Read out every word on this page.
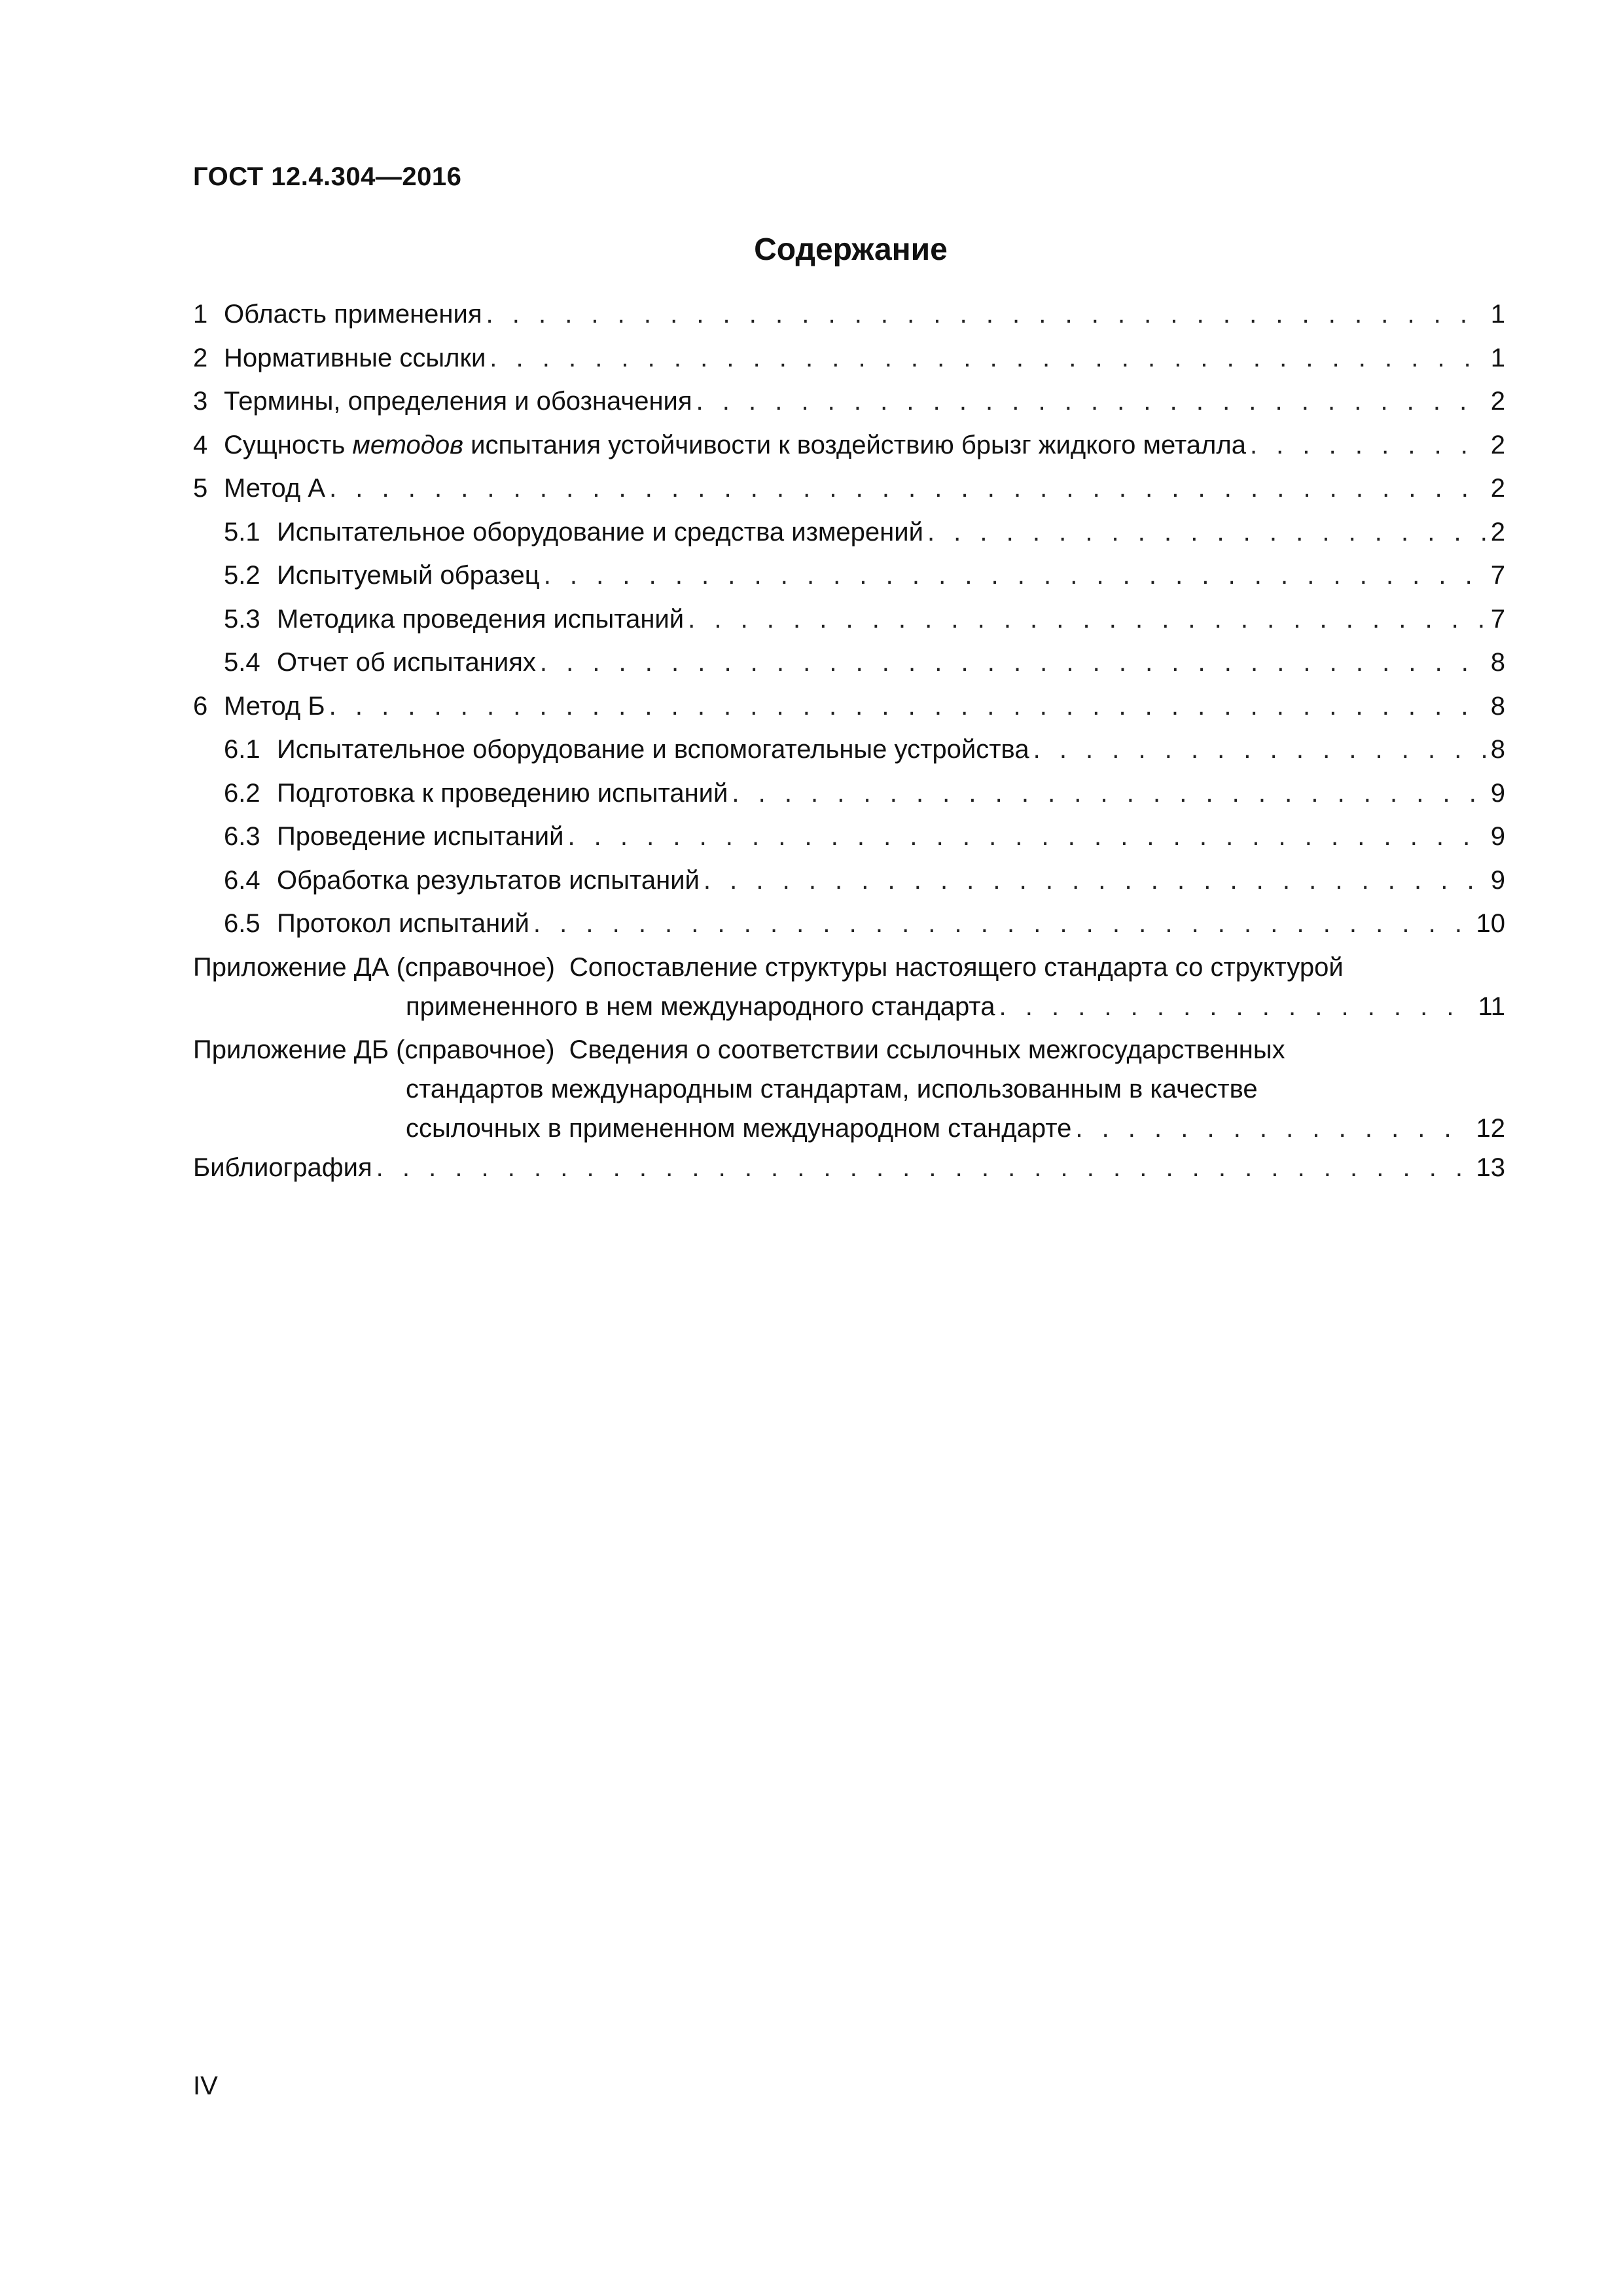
ГОСТ 12.4.304—2016
Содержание
1 Область применения . . .	1
2 Нормативные ссылки . . .	1
3 Термины, определения и обозначения . . .	2
4 Сущность методов испытания устойчивости к воздействию брызг жидкого металла . . .	2
5 Метод А . . .	2
5.1 Испытательное оборудование и средства измерений . . .	2
5.2 Испытуемый образец . . .	7
5.3 Методика проведения испытаний . . .	7
5.4 Отчет об испытаниях . . .	8
6 Метод Б . . .	8
6.1 Испытательное оборудование и вспомогательные устройства . . .	8
6.2 Подготовка к проведению испытаний . . .	9
6.3 Проведение испытаний . . .	9
6.4 Обработка результатов испытаний . . .	9
6.5 Протокол испытаний . . .	10
Приложение ДА (справочное) Сопоставление структуры настоящего стандарта со структурой
примененного в нем международного стандарта . . .	11
Приложение ДБ (справочное) Сведения о соответствии ссылочных межгосударственных
стандартов международным стандартам, использованным в качестве
ссылочных в примененном международном стандарте . . .	12
Библиография . . .	13
IV
